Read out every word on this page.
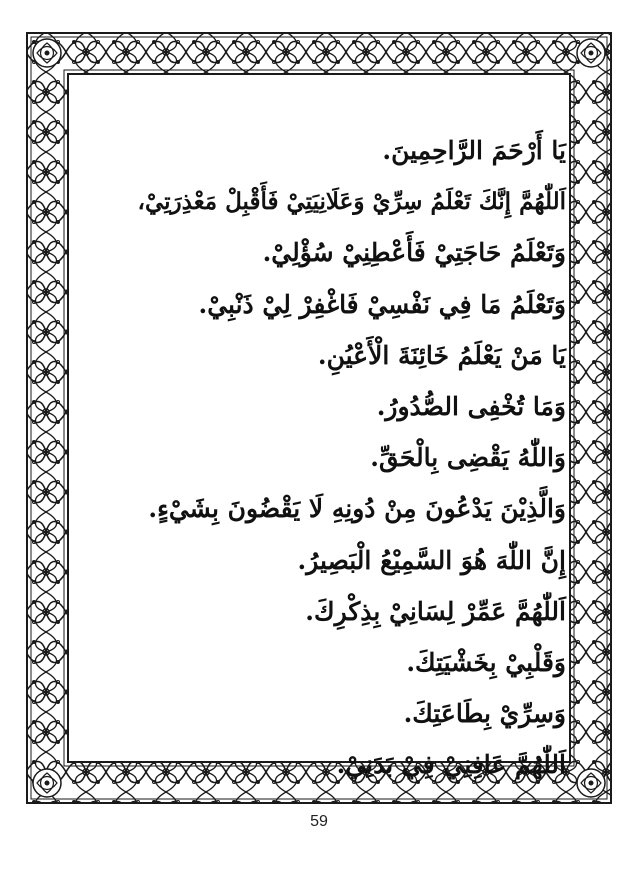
يَا أَرْحَمَ الرَّاحِمِينَ.
اَللّٰهُمَّ إِنَّكَ تَعْلَمُ سِرِّيْ وَعَلَانِيَتِيْ فَأَقْبِلْ مَعْذِرَتِيْ،
وَتَعْلَمُ حَاجَتِيْ فَأَعْطِنِيْ سُؤْلِيْ.
وَتَعْلَمُ مَا فِي نَفْسِيْ فَاغْفِرْ لِيْ ذَنْبِيْ.
يَا مَنْ يَعْلَمُ خَائِنَةَ الْأَعْيُنِ.
وَمَا تُخْفِى الصُّدُورُ.
وَاللّٰهُ يَقْضِى بِالْحَقِّ.
وَالَّذِيْنَ يَدْعُونَ مِنْ دُونِهِ لَا يَقْضُونَ بِشَيْءٍ.
إِنَّ اللّٰهَ هُوَ السَّمِيْعُ الْبَصِيرُ.
اَللّٰهُمَّ عَمِّرْ لِسَانِيْ بِذِكْرِكَ.
وَقَلْبِيْ بِخَشْيَتِكَ.
وَسِرِّيْ بِطَاعَتِكَ.
اَللّٰهُمَّ عَافِنِيْ فِيْ بَدَنِيْ.
59
